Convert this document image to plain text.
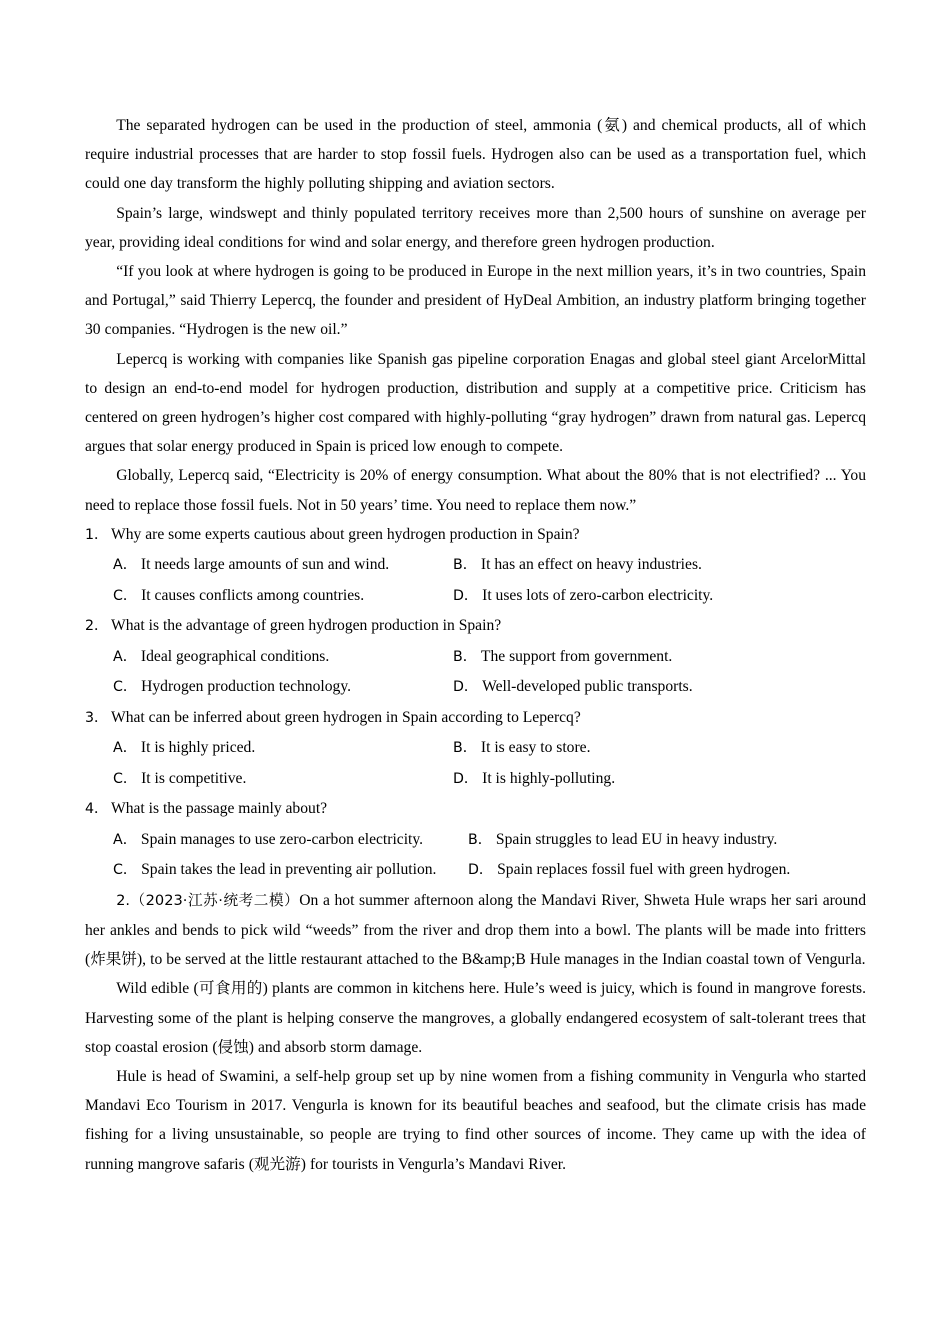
The separated hydrogen can be used in the production of steel, ammonia (氨) and chemical products, all of which require industrial processes that are harder to stop fossil fuels. Hydrogen also can be used as a transportation fuel, which could one day transform the highly polluting shipping and aviation sectors.

Spain’s large, windswept and thinly populated territory receives more than 2,500 hours of sunshine on average per year, providing ideal conditions for wind and solar energy, and therefore green hydrogen production.

“If you look at where hydrogen is going to be produced in Europe in the next million years, it’s in two countries, Spain and Portugal,” said Thierry Lepercq, the founder and president of HyDeal Ambition, an industry platform bringing together 30 companies. “Hydrogen is the new oil.”

Lepercq is working with companies like Spanish gas pipeline corporation Enagas and global steel giant ArcelorMittal to design an end-to-end model for hydrogen production, distribution and supply at a competitive price. Criticism has centered on green hydrogen’s higher cost compared with highly-polluting “gray hydrogen” drawn from natural gas. Lepercq argues that solar energy produced in Spain is priced low enough to compete.

Globally, Lepercq said, “Electricity is 20% of energy consumption. What about the 80% that is not electrified? ... You need to replace those fossil fuels. Not in 50 years’ time. You need to replace them now.”

1． Why are some experts cautious about green hydrogen production in Spain?

A． It needs large amounts of sun and wind.	B． It has an effect on heavy industries.

C． It causes conflicts among countries.	D． It uses lots of zero-carbon electricity.

2． What is the advantage of green hydrogen production in Spain?

A． Ideal geographical conditions.	B． The support from government.

C． Hydrogen production technology.	D． Well-developed public transports.

3． What can be inferred about green hydrogen in Spain according to Lepercq?

A． It is highly priced.	B． It is easy to store.

C． It is competitive.	D． It is highly-polluting.

4． What is the passage mainly about?

A． Spain manages to use zero-carbon electricity.	B． Spain struggles to lead EU in heavy industry.

C． Spain takes the lead in preventing air pollution. D． Spain replaces fossil fuel with green hydrogen.

2.（2023·江苏·统考二模）On a hot summer afternoon along the Mandavi River, Shweta Hule wraps her sari around her ankles and bends to pick wild “weeds” from the river and drop them into a bowl. The plants will be made into fritters (炸果饼), to be served at the little restaurant attached to the B&amp;B Hule manages in the Indian coastal town of Vengurla.

Wild edible (可食用的) plants are common in kitchens here. Hule’s weed is juicy, which is found in mangrove forests. Harvesting some of the plant is helping conserve the mangroves, a globally endangered ecosystem of salt-tolerant trees that stop coastal erosion (侵蚀) and absorb storm damage.

Hule is head of Swamini, a self-help group set up by nine women from a fishing community in Vengurla who started Mandavi Eco Tourism in 2017. Vengurla is known for its beautiful beaches and seafood, but the climate crisis has made fishing for a living unsustainable, so people are trying to find other sources of income. They came up with the idea of running mangrove safaris (观光游) for tourists in Vengurla’s Mandavi River.
